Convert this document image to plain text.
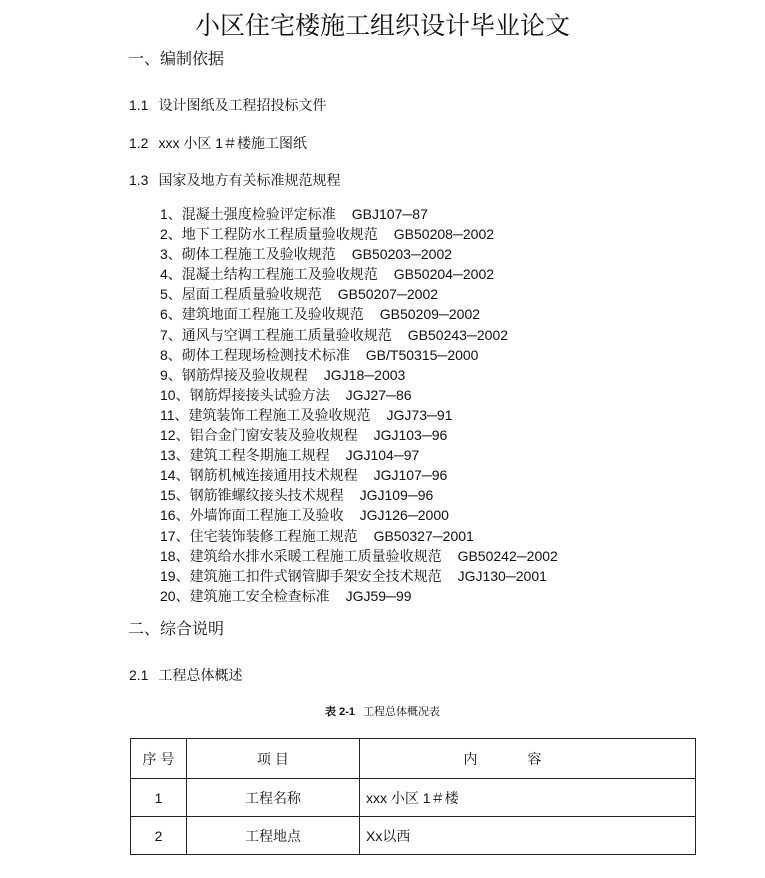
小区住宅楼施工组织设计毕业论文
一、编制依据
1.1 设计图纸及工程招投标文件
1.2 xxx 小区 1＃楼施工图纸
1.3 国家及地方有关标准规范规程
1、混凝土强度检验评定标准 GBJ107─87
2、地下工程防水工程质量验收规范 GB50208─2002
3、砌体工程施工及验收规范 GB50203─2002
4、混凝土结构工程施工及验收规范 GB50204─2002
5、屋面工程质量验收规范 GB50207─2002
6、建筑地面工程施工及验收规范 GB50209─2002
7、通风与空调工程施工质量验收规范 GB50243─2002
8、砌体工程现场检测技术标准 GB/T50315─2000
9、钢筋焊接及验收规程 JGJ18─2003
10、钢筋焊接接头试验方法 JGJ27─86
11、建筑装饰工程施工及验收规范 JGJ73─91
12、铝合金门窗安装及验收规程 JGJ103─96
13、建筑工程冬期施工规程 JGJ104─97
14、钢筋机械连接通用技术规程 JGJ107─96
15、钢筋锥螺纹接头技术规程 JGJ109─96
16、外墙饰面工程施工及验收 JGJ126─2000
17、住宅装饰装修工程施工规范 GB50327─2001
18、建筑给水排水采暖工程施工质量验收规范 GB50242─2002
19、建筑施工扣件式钢管脚手架安全技术规范 JGJ130─2001
20、建筑施工安全检查标准 JGJ59─99
二、综合说明
2.1 工程总体概述
表 2-1 工程总体概况表
序 号	项 目	内容
1	工程名称	xxx 小区 1＃楼
2	工程地点	Xx以西
